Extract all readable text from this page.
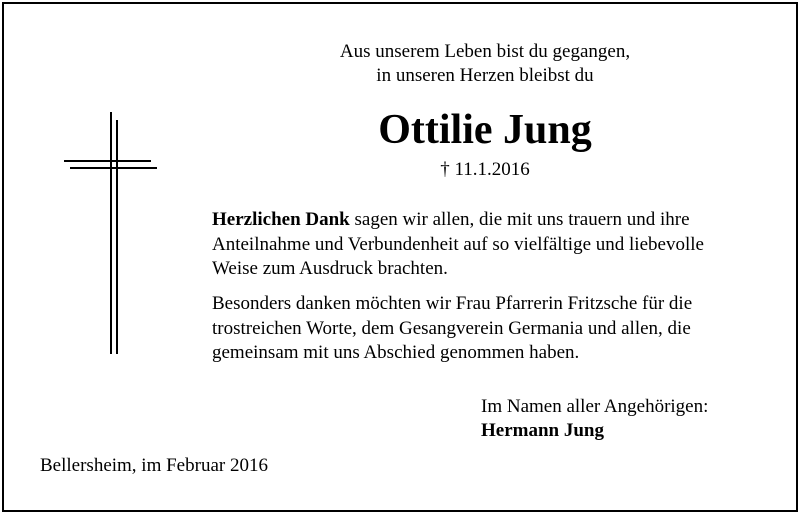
Aus unserem Leben bist du gegangen,
in unseren Herzen bleibst du
Ottilie Jung
† 11.1.2016
Herzlichen Dank sagen wir allen, die mit uns trauern und ihre
Anteilnahme und Verbundenheit auf so vielfältige und liebevolle
Weise zum Ausdruck brachten.
Besonders danken möchten wir Frau Pfarrerin Fritzsche für die
trostreichen Worte, dem Gesangverein Germania und allen, die
gemeinsam mit uns Abschied genommen haben.
Im Namen aller Angehörigen:
Hermann Jung
Bellersheim, im Februar 2016
